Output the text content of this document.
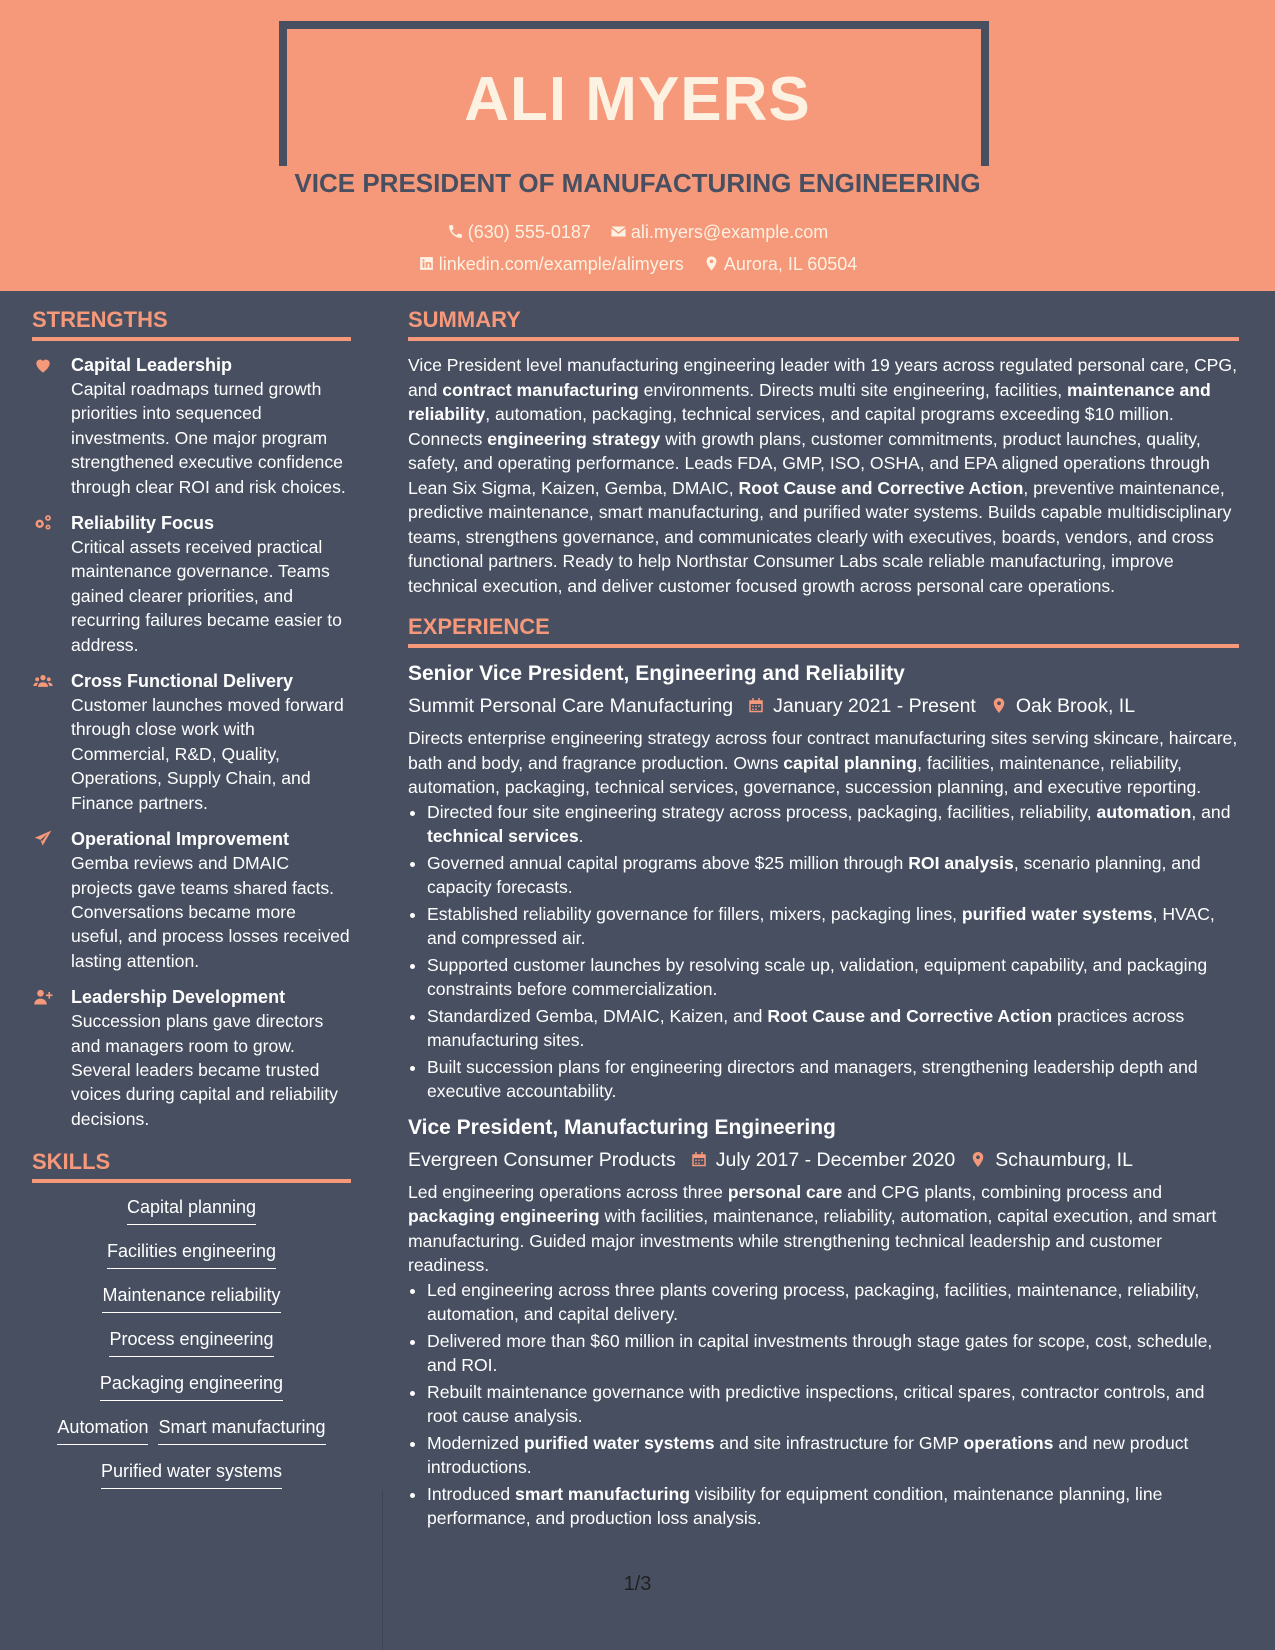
ALI MYERS
VICE PRESIDENT OF MANUFACTURING ENGINEERING
(630) 555-0187 ali.myers@example.com
linkedin.com/example/alimyers Aurora, IL 60504
STRENGTHS
Capital Leadership
Capital roadmaps turned growth priorities into sequenced investments. One major program strengthened executive confidence through clear ROI and risk choices.
Reliability Focus
Critical assets received practical maintenance governance. Teams gained clearer priorities, and recurring failures became easier to address.
Cross Functional Delivery
Customer launches moved forward through close work with Commercial, R&D, Quality, Operations, Supply Chain, and Finance partners.
Operational Improvement
Gemba reviews and DMAIC projects gave teams shared facts. Conversations became more useful, and process losses received lasting attention.
Leadership Development
Succession plans gave directors and managers room to grow. Several leaders became trusted voices during capital and reliability decisions.
SKILLS
Capital planning
Facilities engineering
Maintenance reliability
Process engineering
Packaging engineering
Automation Smart manufacturing
Purified water systems
SUMMARY

Vice President level manufacturing engineering leader with 19 years across regulated personal care, CPG, and contract manufacturing environments. Directs multi site engineering, facilities, maintenance and reliability, automation, packaging, technical services, and capital programs exceeding $10 million. Connects engineering strategy with growth plans, customer commitments, product launches, quality, safety, and operating performance. Leads FDA, GMP, ISO, OSHA, and EPA aligned operations through Lean Six Sigma, Kaizen, Gemba, DMAIC, Root Cause and Corrective Action, preventive maintenance, predictive maintenance, smart manufacturing, and purified water systems. Builds capable multidisciplinary teams, strengthens governance, and communicates clearly with executives, boards, vendors, and cross functional partners. Ready to help Northstar Consumer Labs scale reliable manufacturing, improve technical execution, and deliver customer focused growth across personal care operations.

EXPERIENCE
Senior Vice President, Engineering and Reliability
Summit Personal Care Manufacturing January 2021 - Present Oak Brook, IL

Directs enterprise engineering strategy across four contract manufacturing sites serving skincare, haircare, bath and body, and fragrance production. Owns capital planning, facilities, maintenance, reliability, automation, packaging, technical services, governance, succession planning, and executive reporting.

• Directed four site engineering strategy across process, packaging, facilities, reliability, automation, and technical services.
• Governed annual capital programs above $25 million through ROI analysis, scenario planning, and capacity forecasts.
• Established reliability governance for fillers, mixers, packaging lines, purified water systems, HVAC, and compressed air.
• Supported customer launches by resolving scale up, validation, equipment capability, and packaging constraints before commercialization.
• Standardized Gemba, DMAIC, Kaizen, and Root Cause and Corrective Action practices across manufacturing sites.
• Built succession plans for engineering directors and managers, strengthening leadership depth and executive accountability.
Vice President, Manufacturing Engineering
Evergreen Consumer Products July 2017 - December 2020 Schaumburg, IL

Led engineering operations across three personal care and CPG plants, combining process and packaging engineering with facilities, maintenance, reliability, automation, capital execution, and smart manufacturing. Guided major investments while strengthening technical leadership and customer readiness.

• Led engineering across three plants covering process, packaging, facilities, maintenance, reliability, automation, and capital delivery.
• Delivered more than $60 million in capital investments through stage gates for scope, cost, schedule, and ROI.
• Rebuilt maintenance governance with predictive inspections, critical spares, contractor controls, and root cause analysis.
• Modernized purified water systems and site infrastructure for GMP operations and new product introductions.
• Introduced smart manufacturing visibility for equipment condition, maintenance planning, line performance, and production loss analysis.
1/3
